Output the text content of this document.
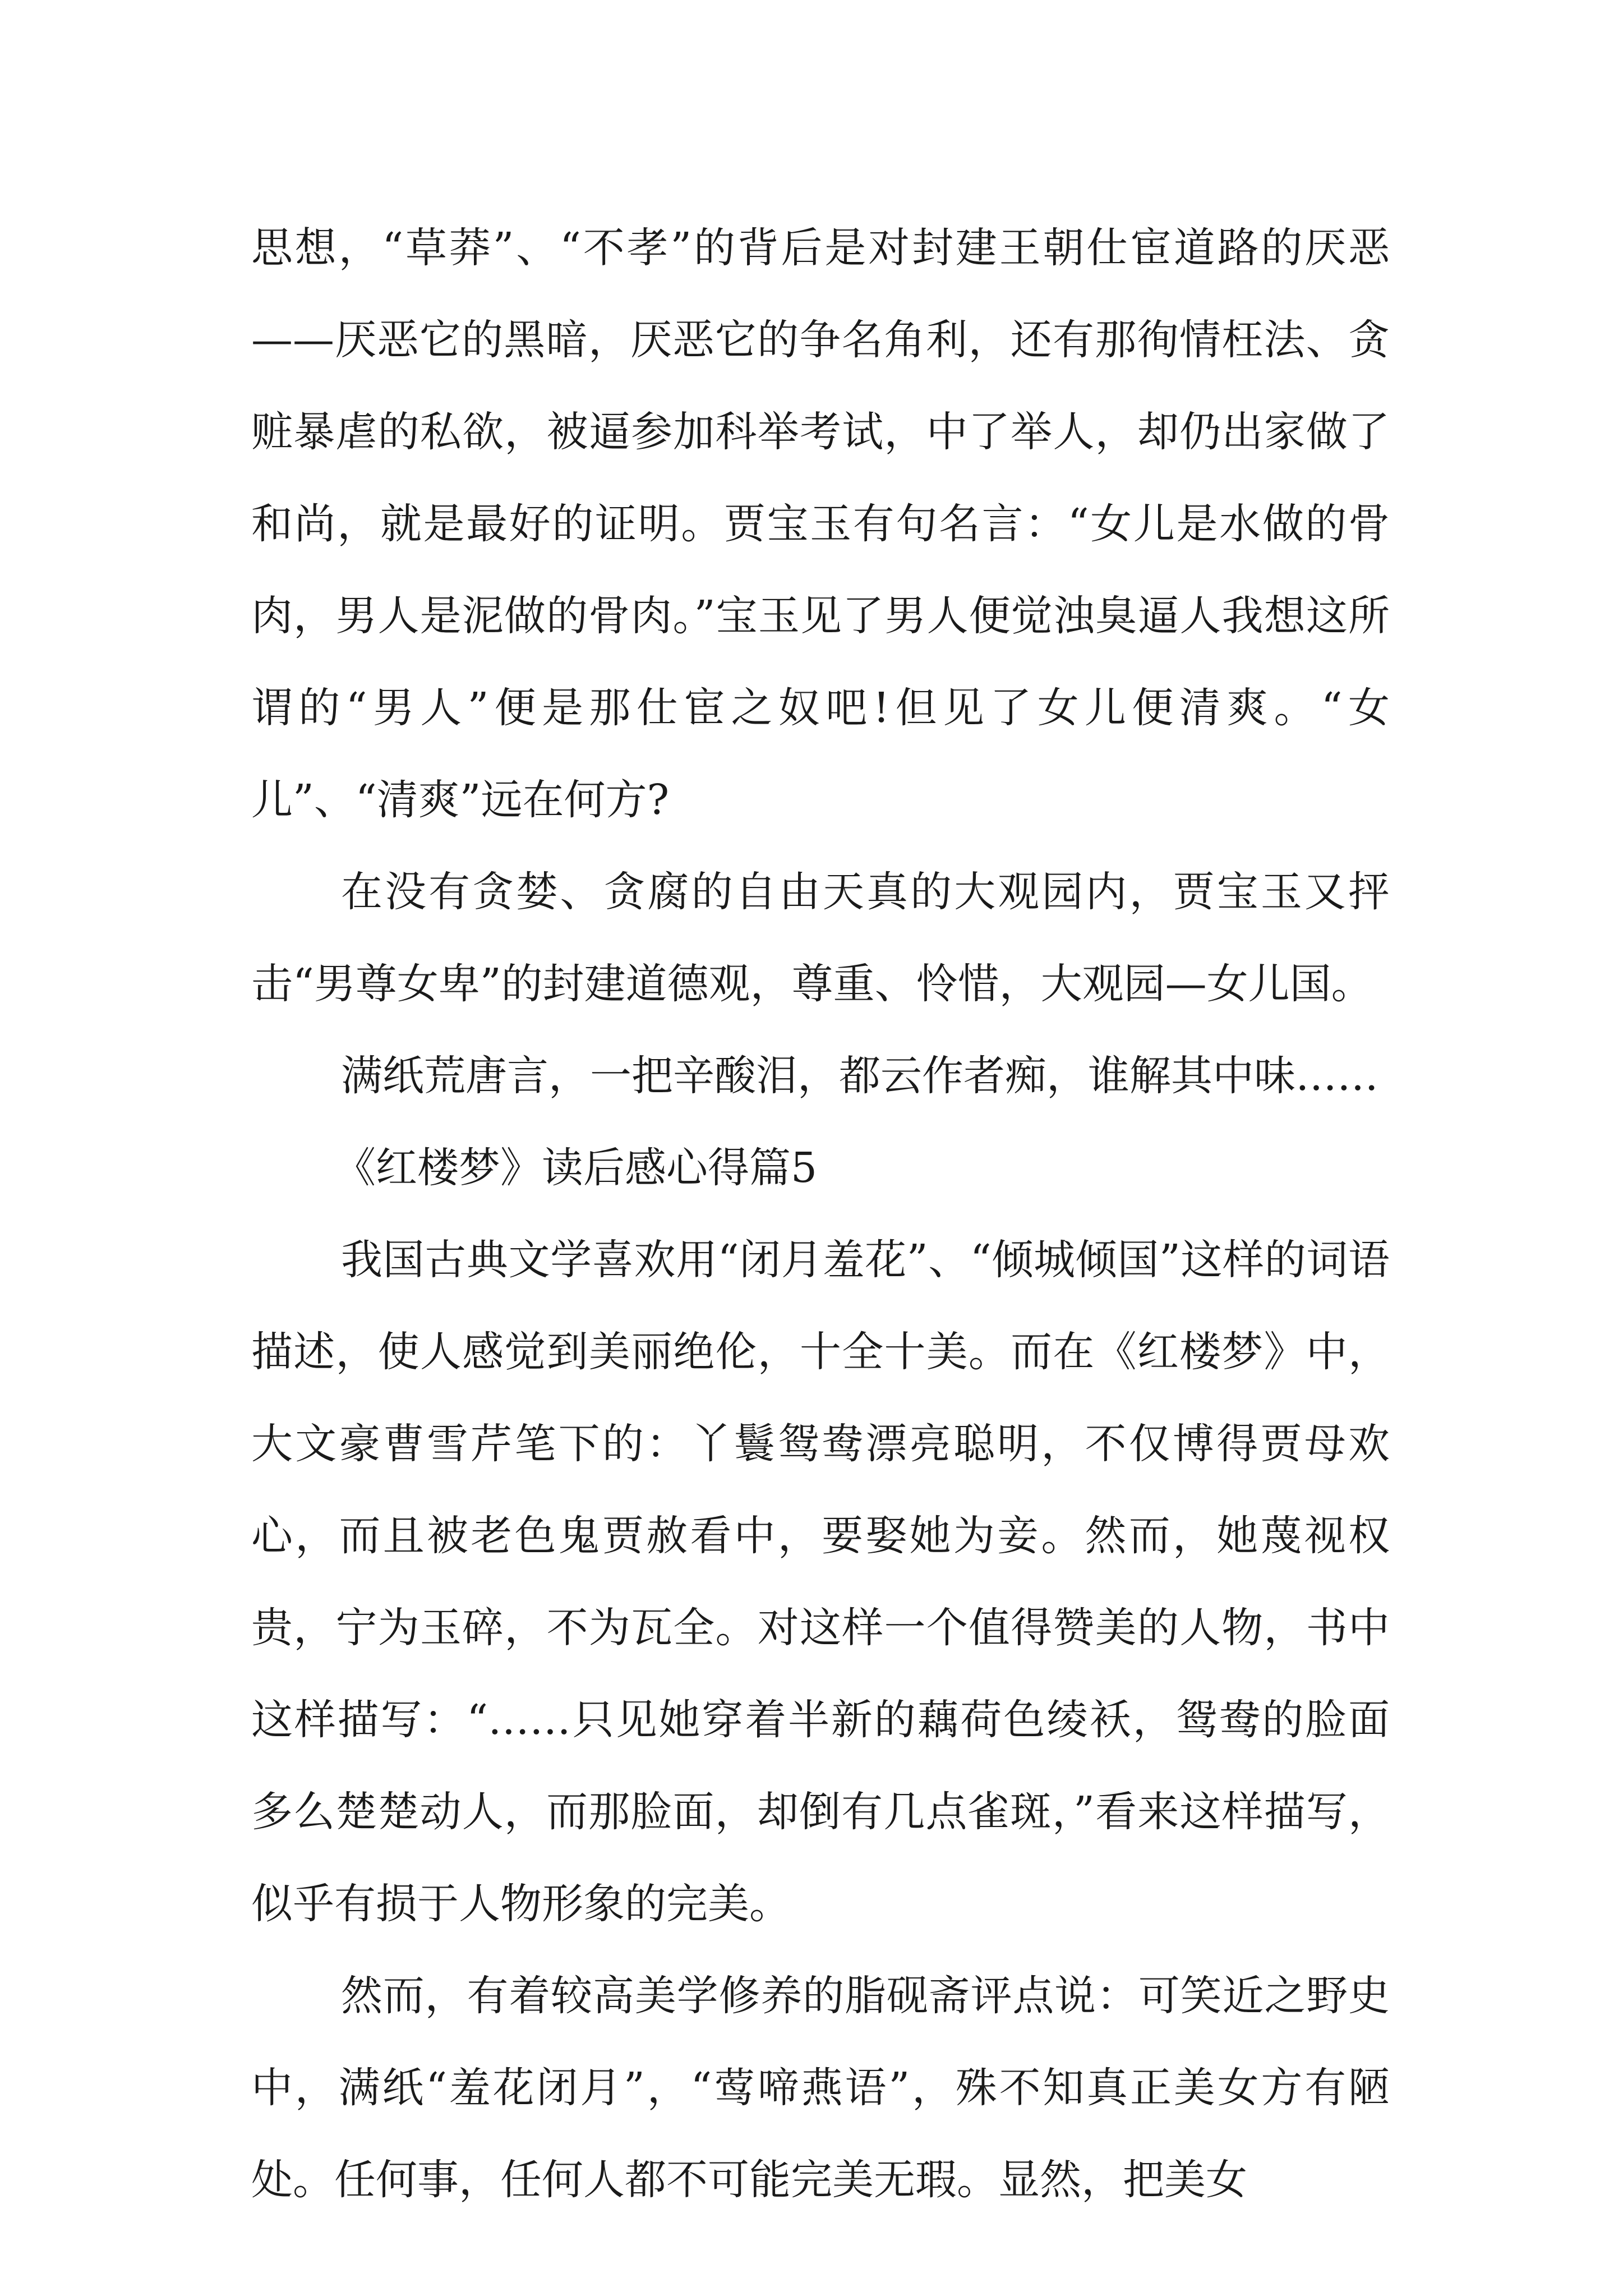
思想，“草莽”、“不孝”的背后是对封建王朝仕宦道路的厌恶——厌恶它的黑暗，厌恶它的争名角利，还有那徇情枉法、贪赃暴虐的私欲，被逼参加科举考试，中了举人，却仍出家做了和尚，就是最好的证明。贾宝玉有句名言：“女儿是水做的骨肉，男人是泥做的骨肉。”宝玉见了男人便觉浊臭逼人我想这所谓的“男人”便是那仕宦之奴吧!但见了女儿便清爽。“女儿”、“清爽”远在何方?

在没有贪婪、贪腐的自由天真的大观园内，贾宝玉又抨击“男尊女卑”的封建道德观，尊重、怜惜，大观园—女儿国。

满纸荒唐言，一把辛酸泪，都云作者痴，谁解其中味……

《红楼梦》读后感心得篇5

我国古典文学喜欢用“闭月羞花”、“倾城倾国”这样的词语描述，使人感觉到美丽绝伦，十全十美。而在《红楼梦》中，大文豪曹雪芹笔下的：丫鬟鸳鸯漂亮聪明，不仅博得贾母欢心，而且被老色鬼贾赦看中，要娶她为妾。然而，她蔑视权贵，宁为玉碎，不为瓦全。对这样一个值得赞美的人物，书中这样描写：“……只见她穿着半新的藕荷色绫袄，鸳鸯的脸面多么楚楚动人，而那脸面，却倒有几点雀斑，”看来这样描写，似乎有损于人物形象的完美。

然而，有着较高美学修养的脂砚斋评点说：可笑近之野史中，满纸“羞花闭月”，“莺啼燕语”，殊不知真正美女方有陋处。任何事，任何人都不可能完美无瑕。显然，把美女
